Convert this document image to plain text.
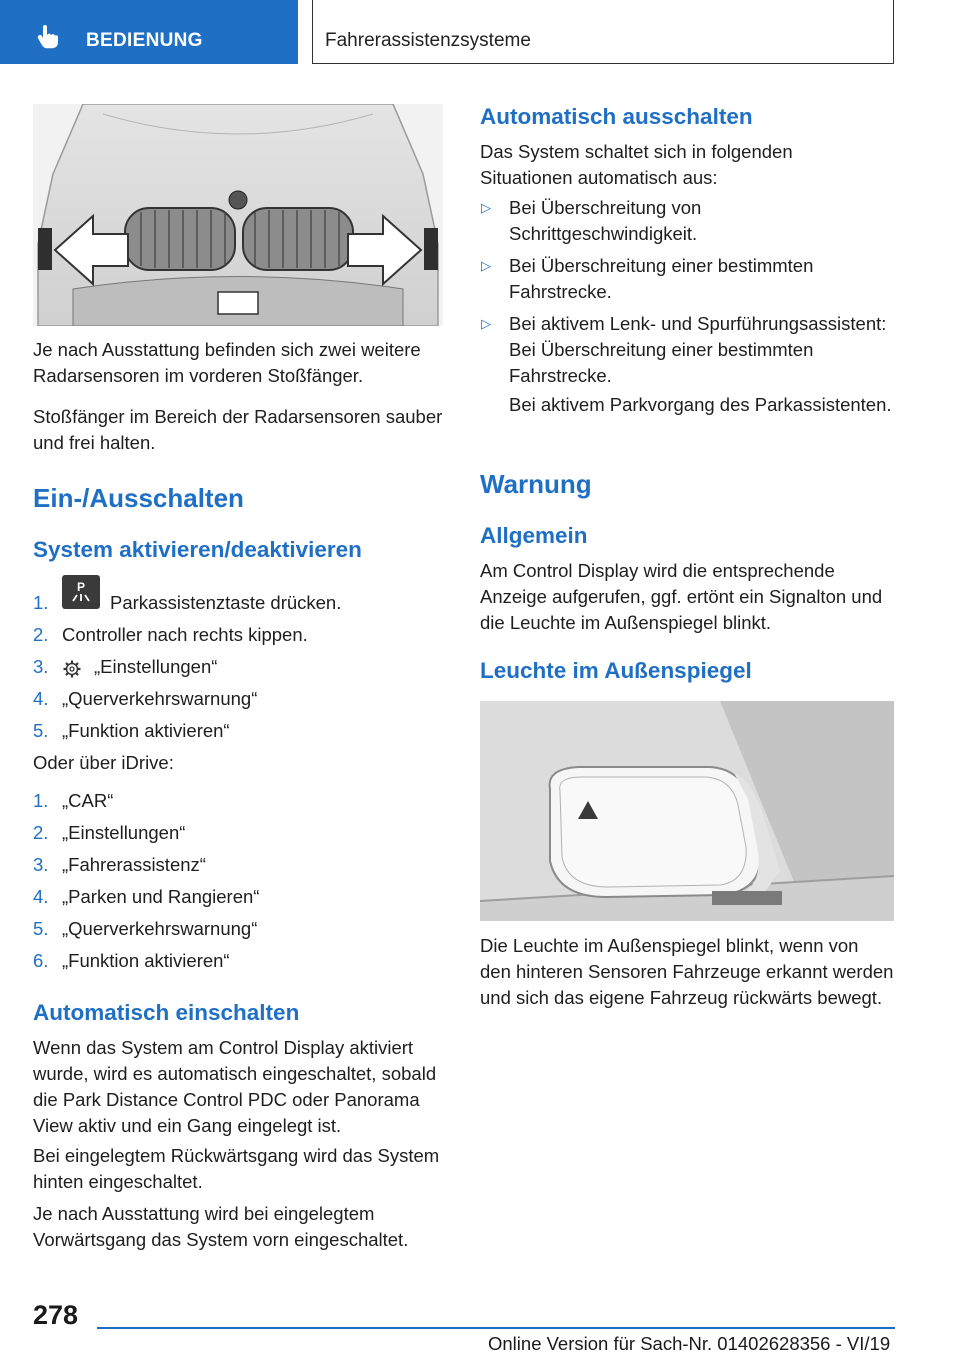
BEDIENUNG	Fahrerassistenzsysteme

Je nach Ausstattung befinden sich zwei weitere Radarsensoren im vorderen Stoßfänger.

Stoßfänger im Bereich der Radarsensoren sauber und frei halten.

Ein-/Ausschalten
System aktivieren/deaktivieren
1.
P
Parkassistenztaste drücken.
2. Controller nach rechts kippen.
3. „Einstellungen“
4. „Querverkehrswarnung“
5. „Funktion aktivieren“

Oder über iDrive:

1. „CAR“
2. „Einstellungen“
3. „Fahrerassistenz“
4. „Parken und Rangieren“
5. „Querverkehrswarnung“
6. „Funktion aktivieren“
Automatisch einschalten

Wenn das System am Control Display aktiviert wurde, wird es automatisch eingeschaltet, sobald die Park Distance Control PDC oder Panorama View aktiv und ein Gang eingelegt ist.

Bei eingelegtem Rückwärtsgang wird das System hinten eingeschaltet.

Je nach Ausstattung wird bei eingelegtem Vorwärtsgang das System vorn eingeschaltet.

Automatisch ausschalten

Das System schaltet sich in folgenden Situationen automatisch aus:

▷ Bei Überschreitung von Schrittgeschwindigkeit.

▷ Bei Überschreitung einer bestimmten Fahrstrecke.

▷ Bei aktivem Lenk- und Spurführungsassistent: Bei Überschreitung einer bestimmten Fahrstrecke.

Bei aktivem Parkvorgang des Parkassistenten.

Warnung
Allgemein

Am Control Display wird die entsprechende Anzeige aufgerufen, ggf. ertönt ein Signalton und die Leuchte im Außenspiegel blinkt.

Leuchte im Außenspiegel

Die Leuchte im Außenspiegel blinkt, wenn von den hinteren Sensoren Fahrzeuge erkannt werden und sich das eigene Fahrzeug rückwärts bewegt.

278
Online Version für Sach-Nr. 01402628356 - VI/19
